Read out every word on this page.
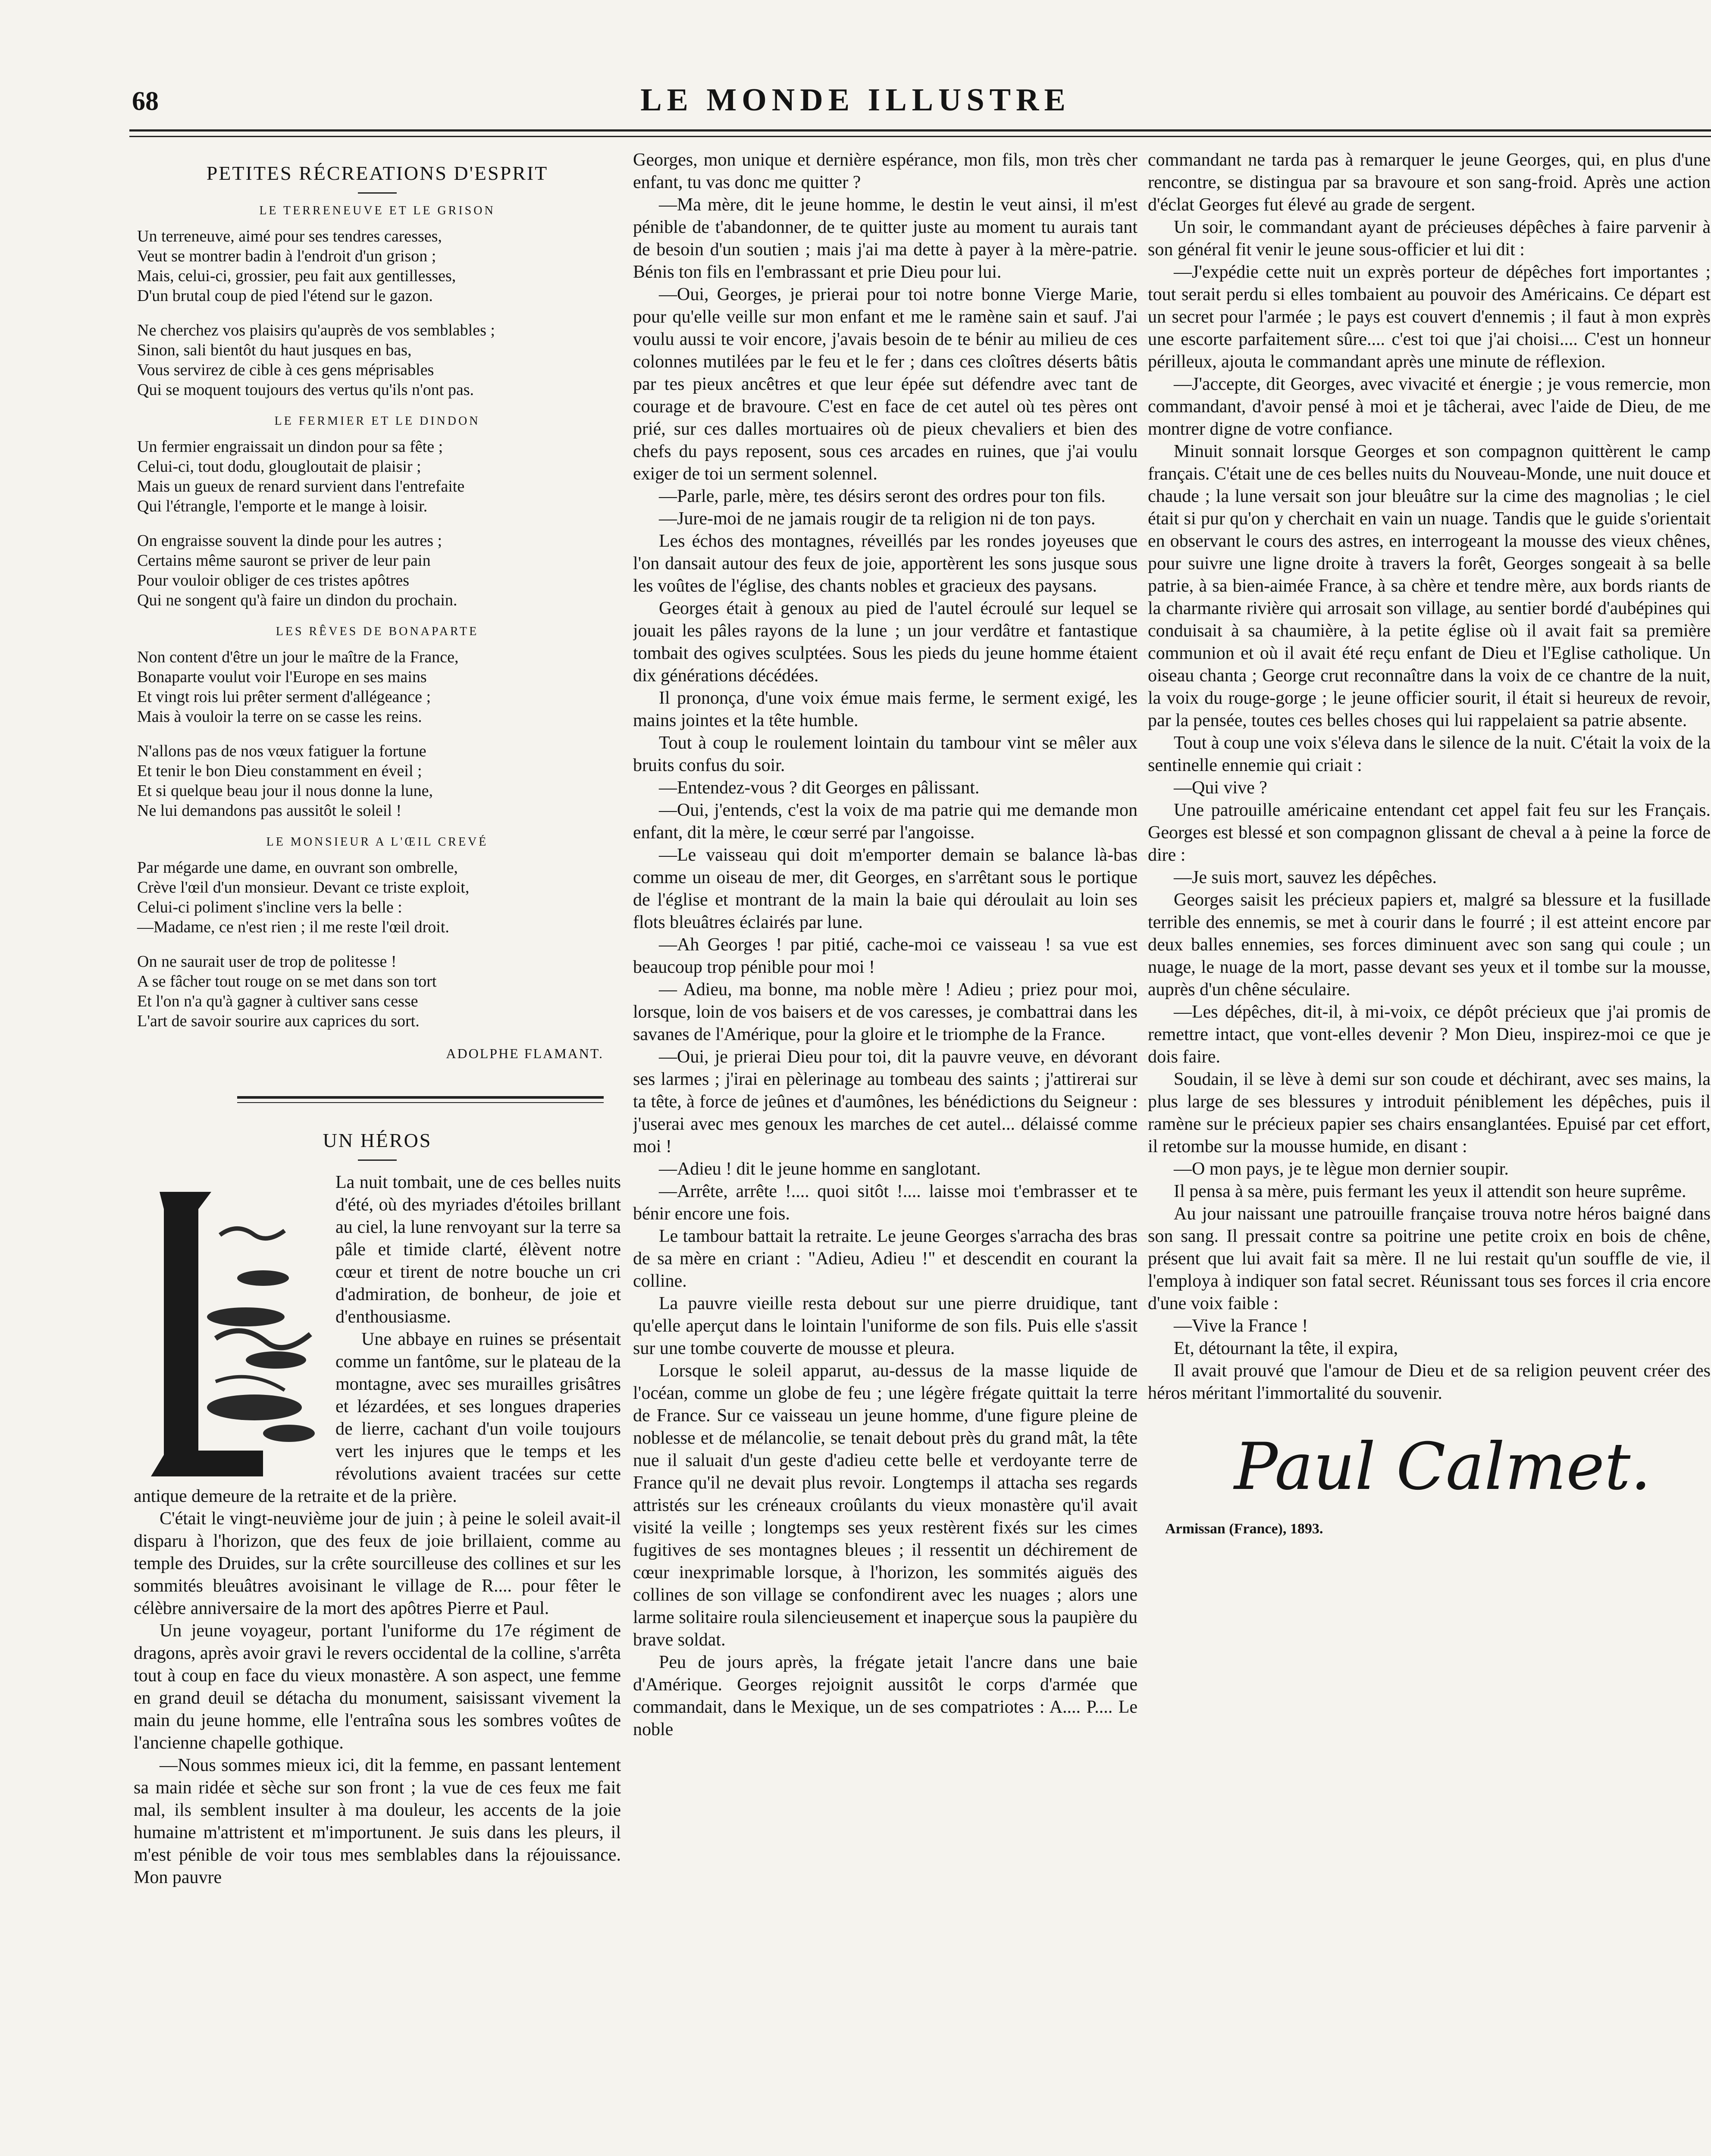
68	LE MONDE ILLUSTRE
PETITES RÉCREATIONS D'ESPRIT
LE TERRENEUVE ET LE GRISON
Un terreneuve, aimé pour ses tendres caresses,
Veut se montrer badin à l'endroit d'un grison ;
Mais, celui-ci, grossier, peu fait aux gentillesses,
D'un brutal coup de pied l'étend sur le gazon.
Ne cherchez vos plaisirs qu'auprès de vos semblables ;
Sinon, sali bientôt du haut jusques en bas,
Vous servirez de cible à ces gens méprisables
Qui se moquent toujours des vertus qu'ils n'ont pas.
LE FERMIER ET LE DINDON
Un fermier engraissait un dindon pour sa fête ;
Celui-ci, tout dodu, glougloutait de plaisir ;
Mais un gueux de renard survient dans l'entrefaite
Qui l'étrangle, l'emporte et le mange à loisir.
On engraisse souvent la dinde pour les autres ;
Certains même sauront se priver de leur pain
Pour vouloir obliger de ces tristes apôtres
Qui ne songent qu'à faire un dindon du prochain.
LES RÊVES DE BONAPARTE
Non content d'être un jour le maître de la France,
Bonaparte voulut voir l'Europe en ses mains
Et vingt rois lui prêter serment d'allégeance ;
Mais à vouloir la terre on se casse les reins.
N'allons pas de nos vœux fatiguer la fortune
Et tenir le bon Dieu constamment en éveil ;
Et si quelque beau jour il nous donne la lune,
Ne lui demandons pas aussitôt le soleil !
LE MONSIEUR A L'ŒIL CREVÉ
Par mégarde une dame, en ouvrant son ombrelle,
Crève l'œil d'un monsieur. Devant ce triste exploit,
Celui-ci poliment s'incline vers la belle :
—Madame, ce n'est rien ; il me reste l'œil droit.
On ne saurait user de trop de politesse !
A se fâcher tout rouge on se met dans son tort
Et l'on n'a qu'à gagner à cultiver sans cesse
L'art de savoir sourire aux caprices du sort.
ADOLPHE FLAMANT.
UN HÉROS

La nuit tombait, une de ces belles nuits d'été, où des myriades d'étoiles brillant au ciel, la lune renvoyant sur la terre sa pâle et timide clarté, élèvent notre cœur et tirent de notre bouche un cri d'admiration, de bonheur, de joie et d'enthousiasme.

Une abbaye en ruines se présentait comme un fantôme, sur le plateau de la montagne, avec ses murailles grisâtres et lézardées, et ses longues draperies de lierre, cachant d'un voile toujours vert les injures que le temps et les révolutions avaient tracées sur cette antique demeure de la retraite et de la prière.

C'était le vingt-neuvième jour de juin ; à peine le soleil avait-il disparu à l'horizon, que des feux de joie brillaient, comme au temple des Druides, sur la crête sourcilleuse des collines et sur les sommités bleuâtres avoisinant le village de R.... pour fêter le célèbre anniversaire de la mort des apôtres Pierre et Paul.

Un jeune voyageur, portant l'uniforme du 17e régiment de dragons, après avoir gravi le revers occidental de la colline, s'arrêta tout à coup en face du vieux monastère. A son aspect, une femme en grand deuil se détacha du monument, saisissant vivement la main du jeune homme, elle l'entraîna sous les sombres voûtes de l'ancienne chapelle gothique.

—Nous sommes mieux ici, dit la femme, en passant lentement sa main ridée et sèche sur son front ; la vue de ces feux me fait mal, ils semblent insulter à ma douleur, les accents de la joie humaine m'attristent et m'importunent. Je suis dans les pleurs, il m'est pénible de voir tous mes semblables dans la réjouissance. Mon pauvre

Georges, mon unique et dernière espérance, mon fils, mon très cher enfant, tu vas donc me quitter ?

—Ma mère, dit le jeune homme, le destin le veut ainsi, il m'est pénible de t'abandonner, de te quitter juste au moment tu aurais tant de besoin d'un soutien ; mais j'ai ma dette à payer à la mère-patrie. Bénis ton fils en l'embrassant et prie Dieu pour lui.

—Oui, Georges, je prierai pour toi notre bonne Vierge Marie, pour qu'elle veille sur mon enfant et me le ramène sain et sauf. J'ai voulu aussi te voir encore, j'avais besoin de te bénir au milieu de ces colonnes mutilées par le feu et le fer ; dans ces cloîtres déserts bâtis par tes pieux ancêtres et que leur épée sut défendre avec tant de courage et de bravoure. C'est en face de cet autel où tes pères ont prié, sur ces dalles mortuaires où de pieux chevaliers et bien des chefs du pays reposent, sous ces arcades en ruines, que j'ai voulu exiger de toi un serment solennel.

—Parle, parle, mère, tes désirs seront des ordres pour ton fils.

—Jure-moi de ne jamais rougir de ta religion ni de ton pays.

Les échos des montagnes, réveillés par les rondes joyeuses que l'on dansait autour des feux de joie, apportèrent les sons jusque sous les voûtes de l'église, des chants nobles et gracieux des paysans.

Georges était à genoux au pied de l'autel écroulé sur lequel se jouait les pâles rayons de la lune ; un jour verdâtre et fantastique tombait des ogives sculptées. Sous les pieds du jeune homme étaient dix générations décédées.

Il prononça, d'une voix émue mais ferme, le serment exigé, les mains jointes et la tête humble.

Tout à coup le roulement lointain du tambour vint se mêler aux bruits confus du soir.

—Entendez-vous ? dit Georges en pâlissant.

—Oui, j'entends, c'est la voix de ma patrie qui me demande mon enfant, dit la mère, le cœur serré par l'angoisse.

—Le vaisseau qui doit m'emporter demain se balance là-bas comme un oiseau de mer, dit Georges, en s'arrêtant sous le portique de l'église et montrant de la main la baie qui déroulait au loin ses flots bleuâtres éclairés par lune.

—Ah Georges ! par pitié, cache-moi ce vaisseau ! sa vue est beaucoup trop pénible pour moi !

— Adieu, ma bonne, ma noble mère ! Adieu ; priez pour moi, lorsque, loin de vos baisers et de vos caresses, je combattrai dans les savanes de l'Amérique, pour la gloire et le triomphe de la France.

—Oui, je prierai Dieu pour toi, dit la pauvre veuve, en dévorant ses larmes ; j'irai en pèlerinage au tombeau des saints ; j'attirerai sur ta tête, à force de jeûnes et d'aumônes, les bénédictions du Seigneur : j'userai avec mes genoux les marches de cet autel... délaissé comme moi !

—Adieu ! dit le jeune homme en sanglotant.

—Arrête, arrête !.... quoi sitôt !.... laisse moi t'embrasser et te bénir encore une fois.

Le tambour battait la retraite. Le jeune Georges s'arracha des bras de sa mère en criant : "Adieu, Adieu !" et descendit en courant la colline.

La pauvre vieille resta debout sur une pierre druidique, tant qu'elle aperçut dans le lointain l'uniforme de son fils. Puis elle s'assit sur une tombe couverte de mousse et pleura.

Lorsque le soleil apparut, au-dessus de la masse liquide de l'océan, comme un globe de feu ; une légère frégate quittait la terre de France. Sur ce vaisseau un jeune homme, d'une figure pleine de noblesse et de mélancolie, se tenait debout près du grand mât, la tête nue il saluait d'un geste d'adieu cette belle et verdoyante terre de France qu'il ne devait plus revoir. Longtemps il attacha ses regards attristés sur les créneaux croûlants du vieux monastère qu'il avait visité la veille ; longtemps ses yeux restèrent fixés sur les cimes fugitives de ses montagnes bleues ; il ressentit un déchirement de cœur inexprimable lorsque, à l'horizon, les sommités aiguës des collines de son village se confondirent avec les nuages ; alors une larme solitaire roula silencieusement et inaperçue sous la paupière du brave soldat.

Peu de jours après, la frégate jetait l'ancre dans une baie d'Amérique. Georges rejoignit aussitôt le corps d'armée que commandait, dans le Mexique, un de ses compatriotes : A.... P.... Le noble

commandant ne tarda pas à remarquer le jeune Georges, qui, en plus d'une rencontre, se distingua par sa bravoure et son sang-froid. Après une action d'éclat Georges fut élevé au grade de sergent.

Un soir, le commandant ayant de précieuses dépêches à faire parvenir à son général fit venir le jeune sous-officier et lui dit :

—J'expédie cette nuit un exprès porteur de dépêches fort importantes ; tout serait perdu si elles tombaient au pouvoir des Américains. Ce départ est un secret pour l'armée ; le pays est couvert d'ennemis ; il faut à mon exprès une escorte parfaitement sûre.... c'est toi que j'ai choisi.... C'est un honneur périlleux, ajouta le commandant après une minute de réflexion.

—J'accepte, dit Georges, avec vivacité et énergie ; je vous remercie, mon commandant, d'avoir pensé à moi et je tâcherai, avec l'aide de Dieu, de me montrer digne de votre confiance.

Minuit sonnait lorsque Georges et son compagnon quittèrent le camp français. C'était une de ces belles nuits du Nouveau-Monde, une nuit douce et chaude ; la lune versait son jour bleuâtre sur la cime des magnolias ; le ciel était si pur qu'on y cherchait en vain un nuage. Tandis que le guide s'orientait en observant le cours des astres, en interrogeant la mousse des vieux chênes, pour suivre une ligne droite à travers la forêt, Georges songeait à sa belle patrie, à sa bien-aimée France, à sa chère et tendre mère, aux bords riants de la charmante rivière qui arrosait son village, au sentier bordé d'aubépines qui conduisait à sa chaumière, à la petite église où il avait fait sa première communion et où il avait été reçu enfant de Dieu et l'Eglise catholique. Un oiseau chanta ; George crut reconnaître dans la voix de ce chantre de la nuit, la voix du rouge-gorge ; le jeune officier sourit, il était si heureux de revoir, par la pensée, toutes ces belles choses qui lui rappelaient sa patrie absente.

Tout à coup une voix s'éleva dans le silence de la nuit. C'était la voix de la sentinelle ennemie qui criait :

—Qui vive ?

Une patrouille américaine entendant cet appel fait feu sur les Français. Georges est blessé et son compagnon glissant de cheval a à peine la force de dire :

—Je suis mort, sauvez les dépêches.

Georges saisit les précieux papiers et, malgré sa blessure et la fusillade terrible des ennemis, se met à courir dans le fourré ; il est atteint encore par deux balles ennemies, ses forces diminuent avec son sang qui coule ; un nuage, le nuage de la mort, passe devant ses yeux et il tombe sur la mousse, auprès d'un chêne séculaire.

—Les dépêches, dit-il, à mi-voix, ce dépôt précieux que j'ai promis de remettre intact, que vont-elles devenir ? Mon Dieu, inspirez-moi ce que je dois faire.

Soudain, il se lève à demi sur son coude et déchirant, avec ses mains, la plus large de ses blessures y introduit péniblement les dépêches, puis il ramène sur le précieux papier ses chairs ensanglantées. Epuisé par cet effort, il retombe sur la mousse humide, en disant :

—O mon pays, je te lègue mon dernier soupir.

Il pensa à sa mère, puis fermant les yeux il attendit son heure suprême.

Au jour naissant une patrouille française trouva notre héros baigné dans son sang. Il pressait contre sa poitrine une petite croix en bois de chêne, présent que lui avait fait sa mère. Il ne lui restait qu'un souffle de vie, il l'employa à indiquer son fatal secret. Réunissant tous ses forces il cria encore d'une voix faible :

—Vive la France !

Et, détournant la tête, il expira,

Il avait prouvé que l'amour de Dieu et de sa religion peuvent créer des héros méritant l'immortalité du souvenir.

Paul Calmet.
Armissan (France), 1893.
